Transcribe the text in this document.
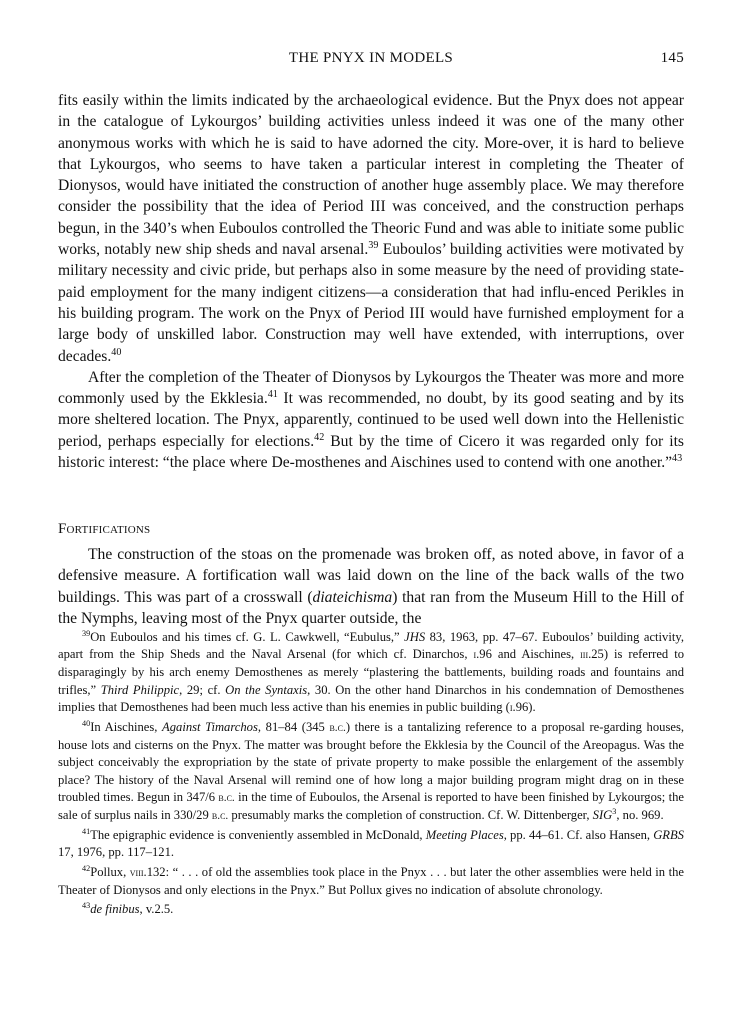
THE PNYX IN MODELS	145

fits easily within the limits indicated by the archaeological evidence. But the Pnyx does not appear in the catalogue of Lykourgos’ building activities unless indeed it was one of the many other anonymous works with which he is said to have adorned the city. More-over, it is hard to believe that Lykourgos, who seems to have taken a particular interest in completing the Theater of Dionysos, would have initiated the construction of another huge assembly place. We may therefore consider the possibility that the idea of Period III was conceived, and the construction perhaps begun, in the 340’s when Euboulos controlled the Theoric Fund and was able to initiate some public works, notably new ship sheds and naval arsenal.$^{39}$ Euboulos’ building activities were motivated by military necessity and civic pride, but perhaps also in some measure by the need of providing state-paid employment for the many indigent citizens—a consideration that had influ-enced Perikles in his building program. The work on the Pnyx of Period III would have furnished employment for a large body of unskilled labor. Construction may well have extended, with interruptions, over decades.$^{40}$

After the completion of the Theater of Dionysos by Lykourgos the Theater was more and more commonly used by the Ekklesia.$^{41}$ It was recommended, no doubt, by its good seating and by its more sheltered location. The Pnyx, apparently, continued to be used well down into the Hellenistic period, perhaps especially for elections.$^{42}$ But by the time of Cicero it was regarded only for its historic interest: “the place where De-mosthenes and Aischines used to contend with one another.”$^{43}$

Fortifications

The construction of the stoas on the promenade was broken off, as noted above, in favor of a defensive measure. A fortification wall was laid down on the line of the back walls of the two buildings. This was part of a crosswall (diateichisma) that ran from the Museum Hill to the Hill of the Nymphs, leaving most of the Pnyx quarter outside, the

$^{39}$On Euboulos and his times cf. G. L. Cawkwell, “Eubulus,” JHS 83, 1963, pp. 47–67. Euboulos’ building activity, apart from the Ship Sheds and the Naval Arsenal (for which cf. Dinarchos, i.96 and Aischines, iii.25) is referred to disparagingly by his arch enemy Demosthenes as merely “plastering the battlements, building roads and fountains and trifles,” Third Philippic, 29; cf. On the Syntaxis, 30. On the other hand Dinarchos in his condemnation of Demosthenes implies that Demosthenes had been much less active than his enemies in public building (i.96).

$^{40}$In Aischines, Against Timarchos, 81–84 (345 b.c.) there is a tantalizing reference to a proposal re-garding houses, house lots and cisterns on the Pnyx. The matter was brought before the Ekklesia by the Council of the Areopagus. Was the subject conceivably the expropriation by the state of private property to make possible the enlargement of the assembly place? The history of the Naval Arsenal will remind one of how long a major building program might drag on in these troubled times. Begun in 347/6 b.c. in the time of Euboulos, the Arsenal is reported to have been finished by Lykourgos; the sale of surplus nails in 330/29 b.c. presumably marks the completion of construction. Cf. W. Dittenberger, SIG$^3$, no. 969.

$^{41}$The epigraphic evidence is conveniently assembled in McDonald, Meeting Places, pp. 44–61. Cf. also Hansen, GRBS 17, 1976, pp. 117–121.

$^{42}$Pollux, viii.132: “ . . . of old the assemblies took place in the Pnyx . . . but later the other assemblies were held in the Theater of Dionysos and only elections in the Pnyx.” But Pollux gives no indication of absolute chronology.

$^{43}$de finibus, v.2.5.
